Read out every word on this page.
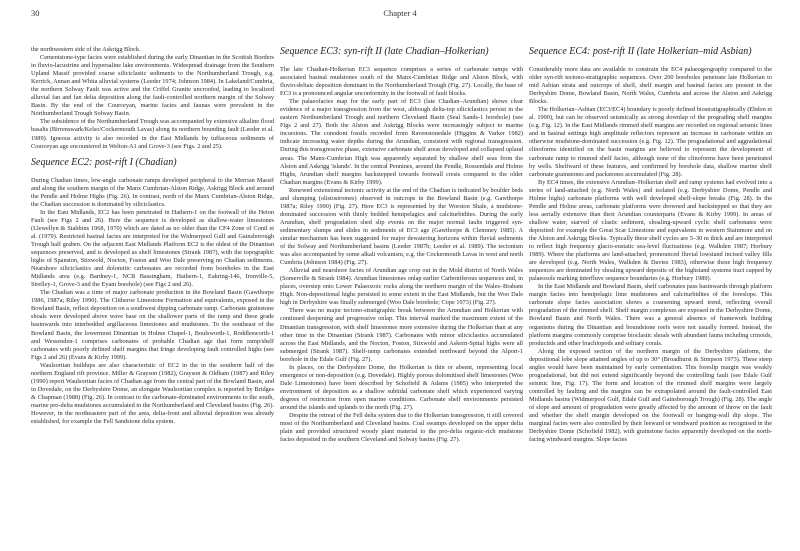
30	Chapter 4

the northwestern side of the Askrigg Block.

Cementstone-type facies were established during the early Dinantian in the Scottish Borders in fluvio-lacustrine and hypersaline lake environments. Widespread drainage from the Southern Upland Massif provided coarse siliciclastic sediments to the Northumberland Trough, e.g. Kerrick, Annan and Whita alluvial systems (Leeder 1974; Johnson 1984). In Lakeland/Cumbria, the northern Solway Fault was active and the Criffel Granite uncroofed, leading to localized alluvial fan and fan delta deposition along the fault-controlled northern margin of the Solway Basin. By the end of the Courceyan, marine facies and faunas were prevalent in the Northumberland Trough Solway Basin.

The subsidence of the Northumberland Trough was accompanied by extensive alkaline flood basalts (Birrenswark/Kelso/Cockermouth Lavas) along its northern bounding fault (Leeder et al. 1989). Igneous activity is also recorded in the East Midlands by tuffaceous sediments of Courceyan age encountered in Welton-A1 and Grove-3 (see Figs. 2 and 25).

Sequence EC2: post-rift I (Chadian)

During Chadian times, low-angle carbonate ramps developed peripheral to the Merrian Massif and along the southern margin of the Manx Cumbrian-Alston Ridge, Askrigg Block and around the Pendle and Holme Highs (Fig. 26). In contrast, north of the Manx Cumbrian-Alston Ridge, the Chadian succession is dominated by siliciclastics.

In the East Midlands, EC2 has been penetrated in Hathern-1 on the footwall of the Heton Fault (see Figs 2 and 26). Here the sequence is developed as shallow-water limestones (Llewellyn & Stabbins 1968, 1970) which are dated as no older than the CF4 Zone of Conil et al. (1979). Restricted basinal facies are interpreted for the Widmerpool Gulf and Gainsborough Trough half graben. On the adjacent East Midlands Platform EC2 is the oldest of the Dinantian sequences preserved, and is developed as shelf limestones (Strank 1987), with the topographic highs of Spanston, Stixwold, Nocton, Foston and Woo Dale preserving no Chadian sediments. Nearshore siliciclastics and dolomitic carbonates are recorded from boreholes in the East Midlands area (e.g. Bardney-1, NCB Bassingham, Hathern-1, Eakring-146, Ironville-5, Strelley-1, Grove-3 and the Eyam borehole) (see Figs 2 and 26).

The Chadian was a time of major carbonate production in the Bowland Basin (Gawthorpe 1986, 1987a; Riley 1990). The Clitheroe Limestone Formation and equivalents, exposed in the Bowland Basin, reflect deposition on a southwest dipping carbonate ramp. Carbonate grainstone shoals were developed above wave base on the shallower parts of the ramp and these grade basinwards into interbedded argillaceous limestones and mudstones. To the southeast of the Bowland Basin, the lowermost Dinantian in Holme Chapel-1, Boulsworth-1, Roddlesworth-1 and Wessenden-1 comprises carbonates of probable Chadian age that form ramp/shelf carbonates with poorly defined shelf margins that fringe developing fault controlled highs (see Figs 2 and 26) (Evans & Kirby 1999).

Waulsortian buildups are also characteristic of EC2 in the in the southern half of the northern England rift province. Miller & Grayson (1982), Grayson & Oldham (1987) and Riley (1990) report Waulsortian facies of Chadian age from the central part of the Bowland Basin, and in Dovedale, on the Derbyshire Dome, an elongate Waulsortian complex is reported by Bridges & Chapman (1988) (Fig. 26). In contrast to the carbonate-dominated environments to the south, marine pro-delta mudstones accumulated in the Northumberland and Cleveland basins (Fig. 26). However, in the northeastern part of the area, delta-front and alluvial deposition was already established, for example the Fell Sandstone delta system.

Sequence EC3: syn-rift II (late Chadian–Holkerian)

The late Chadian-Holkerian EC3 sequence comprises a series of carbonate ramps with associated basinal mudstones south of the Manx-Cumbrian Ridge and Alston Block, with fluvio-deltaic deposition dominant in the Northumberland Trough (Fig. 27). Locally, the base of EC3 is a pronounced angular unconformity in the footwall of fault blocks.

The palaeofacies map for the early part of EC3 (late Chadian–Arundian) shows clear evidence of a major transgression from the west, although delta-top siliciclastics persist in the eastern Northumberland Trough and northern Cleveland Basin (Seal Sands-1 borehole) (see Figs 2 and 27). Both the Alston and Askrigg Blocks were increasingly subject to marine incursions. The conodont fossils recorded from Ravenstonedale (Higgins & Varker 1982) indicate increasing water depths during the Arundian, consistent with regional transgression. During this transgressive phase, extensive carbonate shelf areas developed and collapsed upland areas. The Manx-Cumbrian High was apparently separated by shallow shelf seas from the Alston and Askrigg 'islands'. In the central Pennines, around the Pendle, Rossendale and Holme Highs, Arundian shelf margins backstepped towards footwall crests compared to the older Chadian margins (Evans & Kirby 1999).

Renewed extensional tectonic activity at the end of the Chadian is indicated by boulder beds and slumping (olistostromes) observed in outcrops in the Bowland Basin (e.g. Gawthorpe 1987a; Riley 1990) (Fig. 27). Here EC3 is represented by the Worston Shale, a mudstone-dominated succession with thinly bedded hemipelagics and calciturbidites. During the early Arundian, shelf progradation shed slip events on the major normal faults triggered syn-sedimentary slumps and slides in sediments of EC3 age (Gawthorpe & Clemmey 1985). A similar mechanism has been suggested for major dewatering horizons within fluvial sediments of the Solway and Northumberland basins (Leeder 1987b; Leeder et al. 1989). The tectonism was also accompanied by some alkali volcanism, e.g. the Cockermouth Lavas in west and north Cumbria (Johnson 1984) (Fig. 27).

Alluvial and nearshore facies of Arundian age crop out in the Mold district of North Wales (Somerville & Strank 1984). Arundian limestones onlap earlier Carboniferous sequences and, in places, overstep onto Lower Palaeozoic rocks along the northern margin of the Wales–Brabant High. Non-depositional highs persisted to some extent in the East Midlands, but the Woo Dale high in Derbyshire was finally submerged (Woo Dale borehole; Cope 1973) (Fig. 27).

There was no major tectono-stratigraphic break between the Arundian and Holkerian with continued deepening and progressive onlap. This interval marked the maximum extent of the Dinantian transgression, with shelf limestones more extensive during the Holkerian than at any other time in the Dinantian (Strank 1987). Carbonates with minor siliciclastics accumulated across the East Midlands, and the Nocton, Foston, Stixwold and Askern-Spital highs were all submerged (Strank 1987). Shelf-ramp carbonates extended northward beyond the Alport-1 borehole in the Edale Gulf (Fig. 27).

In places, on the Derbyshire Dome, the Holkerian is thin or absent, representing local emergence or non-deposition (e.g. Dovedale). Highly porous dolomitised shelf limestones (Woo Dale Limestones) have been described by Schofield & Adams (1985) who interpreted the environment of deposition as a shallow subtidal carbonate shelf which experienced varying degrees of restriction from open marine conditions. Carbonate shelf environments persisted around the islands and uplands to the north (Fig. 27).

Despite the retreat of the Fell delta system due to the Holkerian transgression, it still covered most of the Northumberland and Cleveland basins. Coal swamps developed on the upper delta plain and provided structured woody plant material to the pro-delta organic-rich mudstone facies deposited in the southern Cleveland and Solway basins (Fig. 27).

Sequence EC4: post-rift II (late Holkerian–mid Asbian)

Considerably more data are available to constrain the EC4 palaeogeography compared to the older syn-rift tectono-stratigraphic sequences. Over 200 boreholes penetrate late Holkerian to mid Asbian strata and outcrops of shelf, shelf margin and basinal facies are present in the Derbyshire Dome, Bowland Basin, North Wales, Cumbria and across the Alston and Askrigg Blocks.

The Holkerian–Asbian (EC3/EC4) boundary is poorly defined biostratigraphically (Ebdon et al. 1990), but can be observed seismically as strong downlap of the prograding shelf margins (e.g. Fig. 12). In the East Midlands rimmed shelf margins are recorded on regional seismic lines and in basinal settings high amplitude reflectors represent an increase in carbonate within an otherwise mudstone-dominated succession (e.g. Fig. 12). The progradational and aggradational clinoforms identified on the basin margins are believed to represent the development of carbonate ramp to rimmed shelf facies, although none of the clinoforms have been penetrated by wells. Shelfward of these features, and confirmed by borehole data, shallow marine shelf carbonate grainstones and packstones accumulated (Fig. 28).

By EC4 times, the extensive Arundian–Holkerian shelf and ramp systems had evolved into a series of land-attached (e.g. North Wales) and isolated (e.g. Derbyshire Dome, Pendle and Holme highs) carbonate platforms with well developed shelf-slope breaks (Fig. 28). In the Pendle and Holme areas, carbonate platforms were drowned and backstepped so that they are less aerially extensive than their Arundian counterparts (Evans & Kirby 1999). In areas of shallow water, starved of clastic sediment, shoaling-upward cyclic shelf carbonates were deposited: for example the Great Scar Limestone and equivalents in western Stainmore and on the Alston and Askrigg Blocks. Typically these shelf cycles are 5–30 m thick and are interpreted to reflect high frequency glacio-eustatic sea-level fluctuations (e.g. Walkden 1987; Horbury 1989). Where the platforms are land-attached, pronounced fluvial lowstand incised valley fills are developed (e.g. North Wales, Walkden & Davies 1983), otherwise these high frequency sequences are dominated by shoaling upward deposits of the highstand systems tract capped by palaeosols marking interfluve sequence boundaries (e.g. Horbury 1989).

In the East Midlands and Bowland Basin, shelf carbonates pass basinwards through platform margin facies into hemipelagic lime mudstones and calciturbidites of the foreslope. This carbonate slope facies association shows a coarsening upward trend, reflecting overall progradation of the rimmed shelf. Shelf margin complexes are exposed in the Derbyshire Dome, Bowland Basin and North Wales. There was a general absence of framework building organisms during the Dinantian and boundstone reefs were not usually formed. Instead, the platform margins commonly comprise bioclastic shoals with abundant fauna including crinoids, productids and other brachiopods and solitary corals.

Along the exposed section of the northern margin of the Derbyshire platform, the depositional lobe slope attained angles of up to 30° (Broadhurst & Simpson 1973). These steep angles would have been maintained by early cementation. This foreslip margin was weakly progradational, but did not extend significantly beyond the controlling fault (see Edale Gulf seismic line, Fig. 17). The form and location of the rimmed shelf margins were largely controlled by faulting and the margins can be extrapolated around the fault-controlled East Midlands basins (Widmerpool Gulf, Edale Gulf and Gainsborough Trough) (Fig. 28). The angle of slope and amount of progradation were greatly affected by the amount of throw on the fault and whether the shelf margin developed on the footwall or hanging-wall dip slope. The marginal facies were also controlled by their leeward or windward position as recognised in the Derbyshire Dome (Schofield 1982), with grainstone facies apparently developed on the north-facing windward margins. Slope facies
